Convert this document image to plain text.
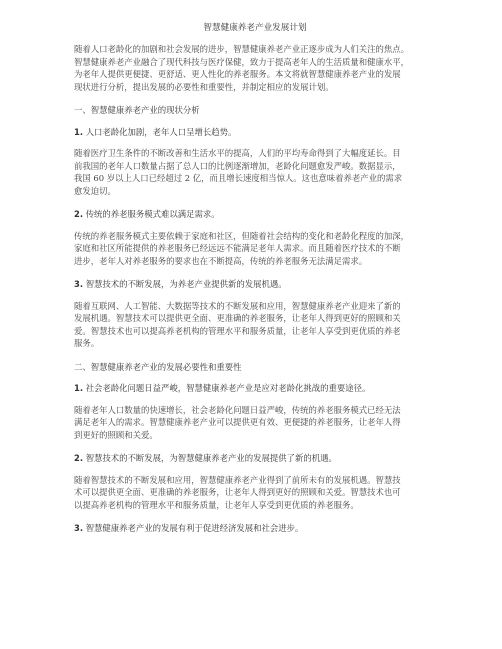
智慧健康养老产业发展计划
随着人口老龄化的加剧和社会发展的进步，智慧健康养老产业正逐步成为人们关注的焦点。
智慧健康养老产业融合了现代科技与医疗保健，致力于提高老年人的生活质量和健康水平，
为老年人提供更便捷、更舒适、更人性化的养老服务。本文将就智慧健康养老产业的发展
现状进行分析，提出发展的必要性和重要性，并制定相应的发展计划。
一、智慧健康养老产业的现状分析
1. 人口老龄化加剧，老年人口呈增长趋势。
随着医疗卫生条件的不断改善和生活水平的提高，人们的平均寿命得到了大幅度延长。目
前我国的老年人口数量占据了总人口的比例逐渐增加，老龄化问题愈发严峻。数据显示，
我国 60 岁以上人口已经超过 2 亿，而且增长速度相当惊人。这也意味着养老产业的需求
愈发迫切。
2. 传统的养老服务模式难以满足需求。
传统的养老服务模式主要依赖于家庭和社区，但随着社会结构的变化和老龄化程度的加深，
家庭和社区所能提供的养老服务已经远远不能满足老年人需求。而且随着医疗技术的不断
进步，老年人对养老服务的要求也在不断提高，传统的养老服务无法满足需求。
3. 智慧技术的不断发展，为养老产业提供新的发展机遇。
随着互联网、人工智能、大数据等技术的不断发展和应用，智慧健康养老产业迎来了新的
发展机遇。智慧技术可以提供更全面、更准确的养老服务，让老年人得到更好的照顾和关
爱。智慧技术也可以提高养老机构的管理水平和服务质量，让老年人享受到更优质的养老
服务。
二、智慧健康养老产业的发展必要性和重要性
1. 社会老龄化问题日益严峻，智慧健康养老产业是应对老龄化挑战的重要途径。
随着老年人口数量的快速增长，社会老龄化问题日益严峻，传统的养老服务模式已经无法
满足老年人的需求。智慧健康养老产业可以提供更有效、更便捷的养老服务，让老年人得
到更好的照顾和关爱。
2. 智慧技术的不断发展，为智慧健康养老产业的发展提供了新的机遇。
随着智慧技术的不断发展和应用，智慧健康养老产业得到了前所未有的发展机遇。智慧技
术可以提供更全面、更准确的养老服务，让老年人得到更好的照顾和关爱。智慧技术也可
以提高养老机构的管理水平和服务质量，让老年人享受到更优质的养老服务。
3. 智慧健康养老产业的发展有利于促进经济发展和社会进步。
